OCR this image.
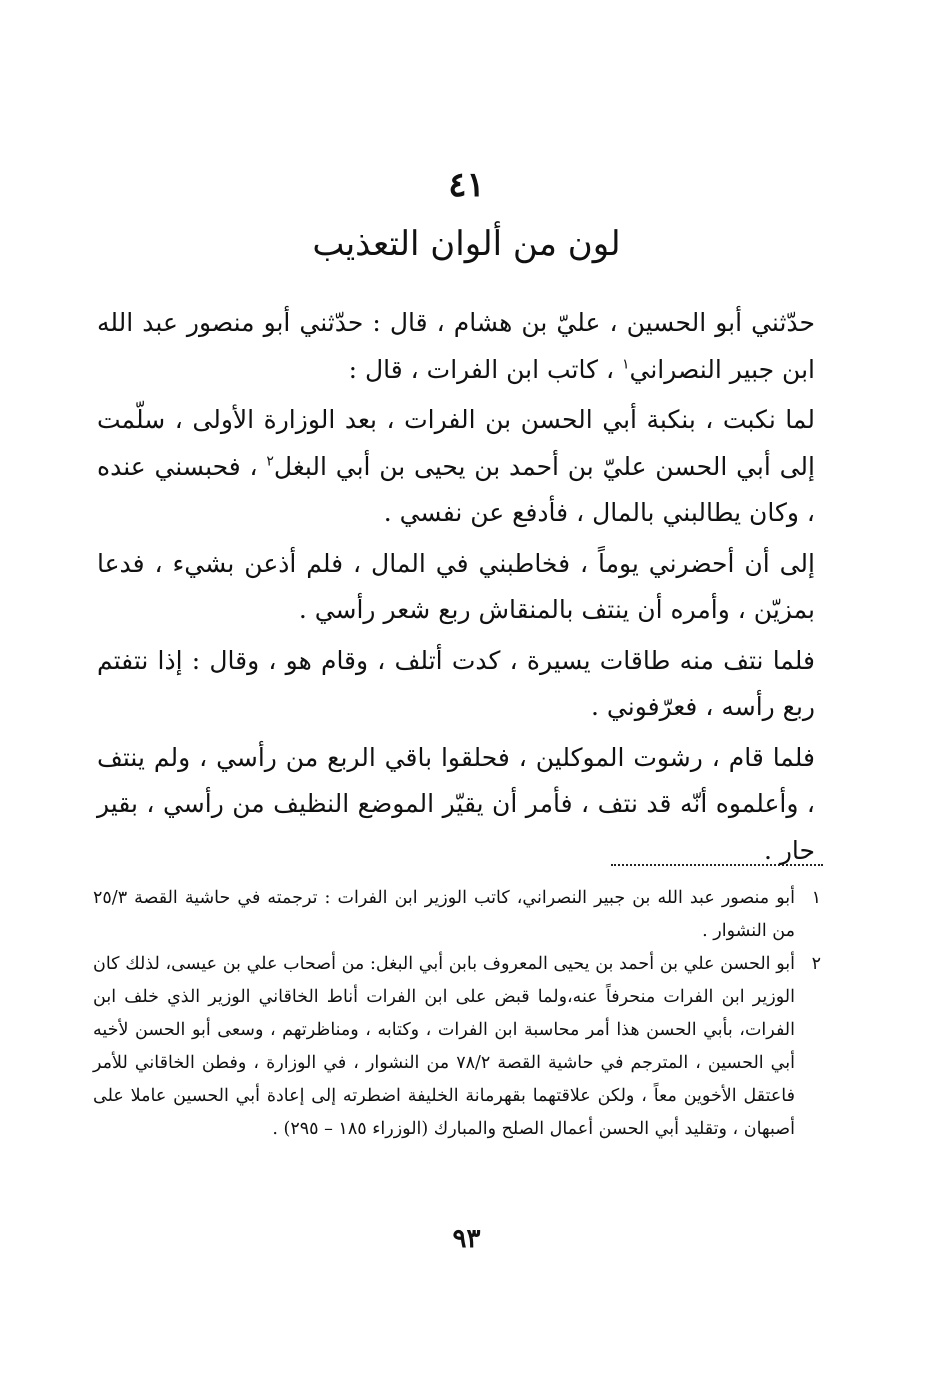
٤١
لون من ألوان التعذيب

حدّثني أبو الحسين ، عليّ بن هشام ، قال : حدّثني أبو منصور عبد الله ابن جبير النصراني$^١$ ، كاتب ابن الفرات ، قال :

لما نكبت ، بنكبة أبي الحسن بن الفرات ، بعد الوزارة الأولى ، سلّمت إلى أبي الحسن عليّ بن أحمد بن يحيى بن أبي البغل$^٢$ ، فحبسني عنده ، وكان يطالبني بالمال ، فأدفع عن نفسي .

إلى أن أحضرني يوماً ، فخاطبني في المال ، فلم أذعن بشيء ، فدعا بمزيّن ، وأمره أن ينتف بالمنقاش ربع شعر رأسي .

فلما نتف منه طاقات يسيرة ، كدت أتلف ، وقام هو ، وقال : إذا نتفتم ربع رأسه ، فعرّفوني .

فلما قام ، رشوت الموكلين ، فحلقوا باقي الربع من رأسي ، ولم ينتف ، وأعلموه أنّه قد نتف ، فأمر أن يقيّر الموضع النظيف من رأسي ، بقير حار .

١
أبو منصور عبد الله بن جبير النصراني، كاتب الوزير ابن الفرات : ترجمته في حاشية القصة ٢٥/٣ من النشوار .
٢
أبو الحسن علي بن أحمد بن يحيى المعروف بابن أبي البغل: من أصحاب علي بن عيسى، لذلك كان الوزير ابن الفرات منحرفاً عنه،ولما قبض على ابن الفرات أناط الخاقاني الوزير الذي خلف ابن الفرات، بأبي الحسن هذا أمر محاسبة ابن الفرات ، وكتابه ، ومناظرتهم ، وسعى أبو الحسن لأخيه أبي الحسين ، المترجم في حاشية القصة ٧٨/٢ من النشوار ، في الوزارة ، وفطن الخاقاني للأمر فاعتقل الأخوين معاً ، ولكن علاقتهما بقهرمانة الخليفة اضطرته إلى إعادة أبي الحسين عاملا على أصبهان ، وتقليد أبي الحسن أعمال الصلح والمبارك (الوزراء ١٨٥ – ٢٩٥) .
٩٣
